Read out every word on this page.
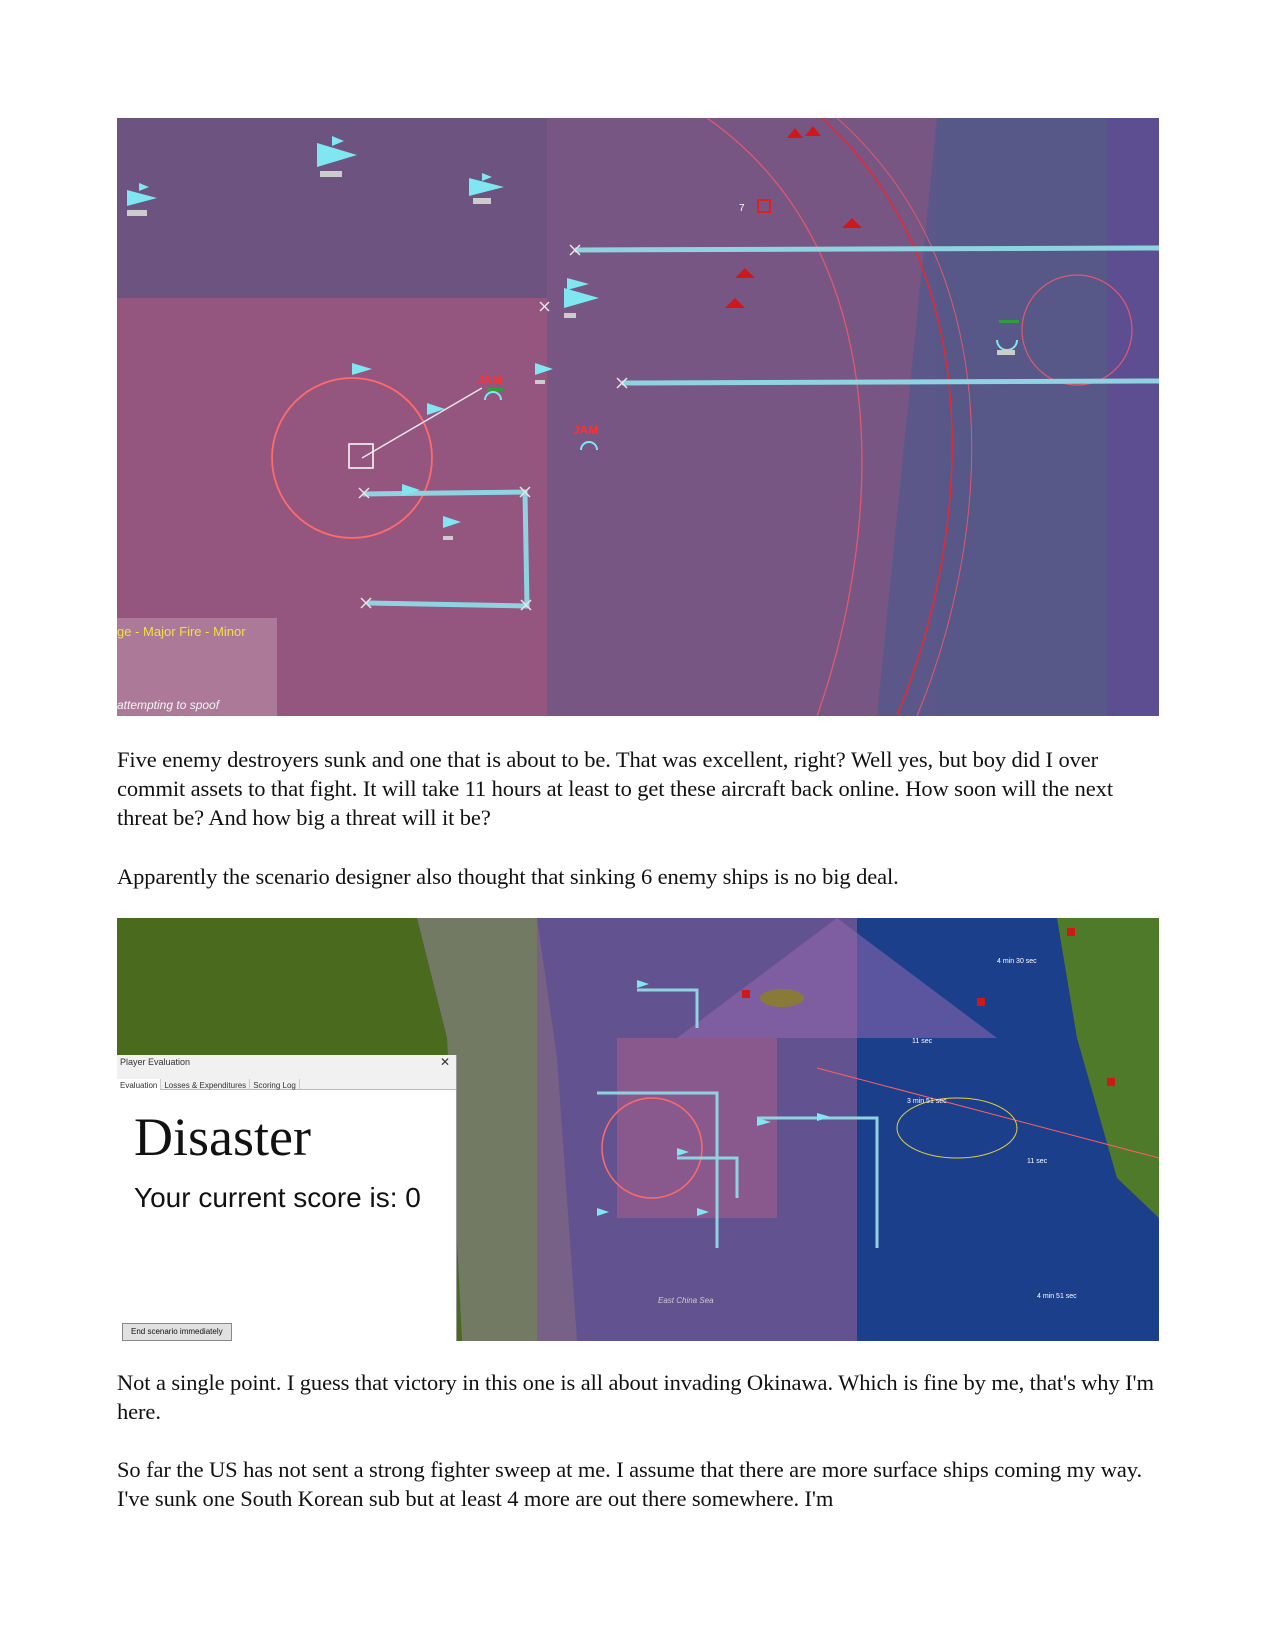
JAM
JAM
7
ge - Major Fire - Minor
attempting to spoof

Five enemy destroyers sunk and one that is about to be. That was excellent, right? Well yes, but boy did I over commit assets to that fight. It will take 11 hours at least to get these aircraft back online. How soon will the next threat be? And how big a threat will it be?

Apparently the scenario designer also thought that sinking 6 enemy ships is no big deal.

East China Sea
4 min 30 sec
11 sec
3 min 51 sec
11 sec
4 min 51 sec
Player Evaluation	✕
Evaluation Losses & Expenditures Scoring Log
Disaster
Your current score is: 0
End scenario immediately

Not a single point. I guess that victory in this one is all about invading Okinawa. Which is fine by me, that's why I'm here.

So far the US has not sent a strong fighter sweep at me. I assume that there are more surface ships coming my way. I've sunk one South Korean sub but at least 4 more are out there somewhere. I'm
